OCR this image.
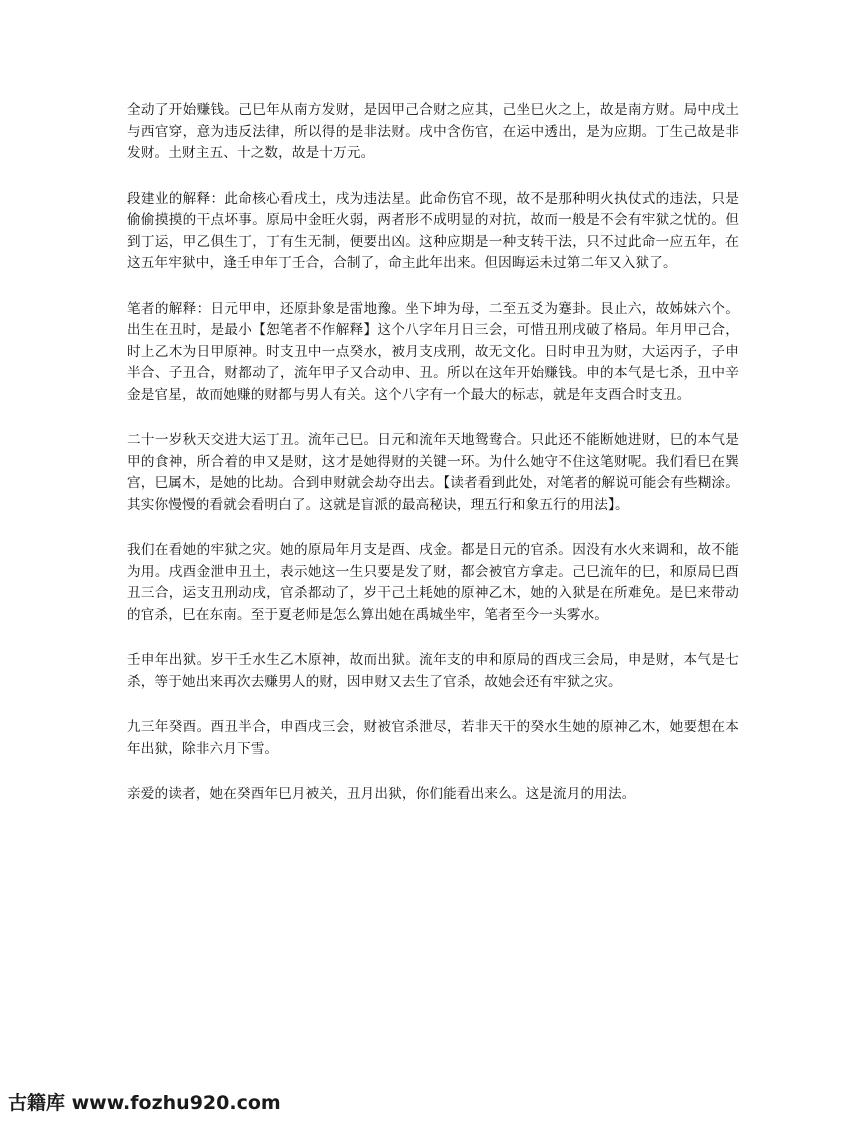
全动了开始赚钱。己巳年从南方发财，是因甲己合财之应其，己坐巳火之上，故是南方财。局中戌土与西官穿，意为违反法律，所以得的是非法财。戌中含伤官，在运中透出，是为应期。丁生己故是非发财。土财主五、十之数，故是十万元。

段建业的解释：此命核心看戌土，戌为违法星。此命伤官不现，故不是那种明火执仗式的违法，只是偷偷摸摸的干点坏事。原局中金旺火弱，两者形不成明显的对抗，故而一般是不会有牢狱之忧的。但到丁运，甲乙俱生丁，丁有生无制，便要出凶。这种应期是一种支转干法，只不过此命一应五年，在这五年牢狱中，逢壬申年丁壬合，合制了，命主此年出来。但因晦运未过第二年又入狱了。

笔者的解释：日元甲申，还原卦象是雷地豫。坐下坤为母，二至五爻为蹇卦。艮止六，故姊妹六个。出生在丑时，是最小【恕笔者不作解释】这个八字年月日三会，可惜丑刑戌破了格局。年月甲己合，时上乙木为日甲原神。时支丑中一点癸水，被月支戌刑，故无文化。日时申丑为财，大运丙子，子申半合、子丑合，财都动了，流年甲子又合动申、丑。所以在这年开始赚钱。申的本气是七杀，丑中辛金是官星，故而她赚的财都与男人有关。这个八字有一个最大的标志，就是年支酉合时支丑。

二十一岁秋天交进大运丁丑。流年己巳。日元和流年天地鸳鸯合。只此还不能断她进财，巳的本气是甲的食神，所合着的申又是财，这才是她得财的关键一环。为什么她守不住这笔财呢。我们看巳在巽宫，巳属木，是她的比劫。合到申财就会劫夺出去。【读者看到此处，对笔者的解说可能会有些糊涂。其实你慢慢的看就会看明白了。这就是盲派的最高秘诀，理五行和象五行的用法】。

我们在看她的牢狱之灾。她的原局年月支是酉、戌金。都是日元的官杀。因没有水火来调和，故不能为用。戌酉金泄申丑土，表示她这一生只要是发了财，都会被官方拿走。己巳流年的巳，和原局巳酉丑三合，运支丑刑动戌，官杀都动了，岁干己土耗她的原神乙木，她的入狱是在所难免。是巳来带动的官杀，巳在东南。至于夏老师是怎么算出她在禹城坐牢，笔者至今一头雾水。

壬申年出狱。岁干壬水生乙木原神，故而出狱。流年支的申和原局的酉戌三会局，申是财，本气是七杀，等于她出来再次去赚男人的财，因申财又去生了官杀，故她会还有牢狱之灾。

九三年癸酉。酉丑半合，申酉戌三会，财被官杀泄尽，若非天干的癸水生她的原神乙木，她要想在本年出狱，除非六月下雪。

亲爱的读者，她在癸酉年巳月被关，丑月出狱，你们能看出来么。这是流月的用法。

古籍库 www.fozhu920.com
